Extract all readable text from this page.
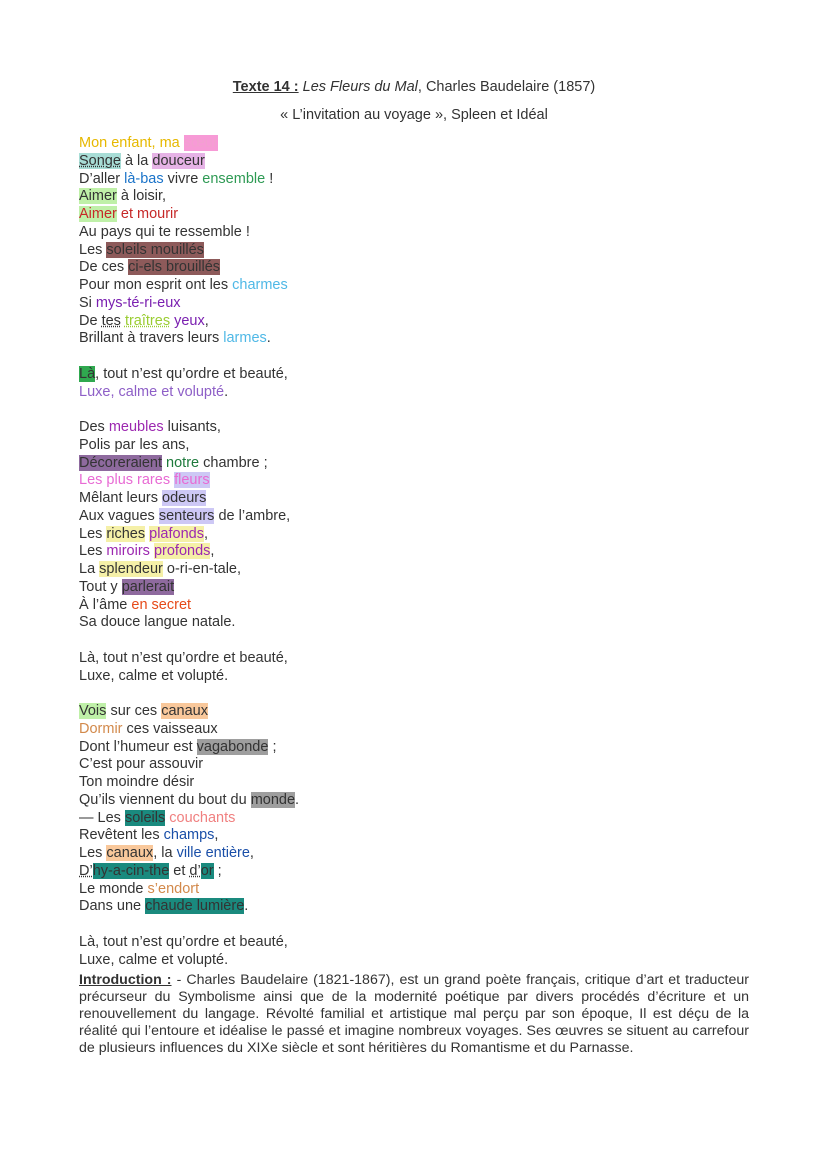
Texte 14 : Les Fleurs du Mal, Charles Baudelaire (1857)
« L’invitation au voyage », Spleen et Idéal
Mon enfant, ma sœur
Songe à la douceur
D’aller là-bas vivre ensemble !
Aimer à loisir,
Aimer et mourir
Au pays qui te ressemble !
Les soleils mouillés
De ces ci-els brouillés
Pour mon esprit ont les charmes
Si mys-té-ri-eux
De tes traîtres yeux,
Brillant à travers leurs larmes.
Là, tout n’est qu’ordre et beauté,
Luxe, calme et volupté.
Des meubles luisants,
Polis par les ans,
Décoreraient notre chambre ;
Les plus rares fleurs
Mêlant leurs odeurs
Aux vagues senteurs de l’ambre,
Les riches plafonds,
Les miroirs profonds,
La splendeur o-ri-en-tale,
Tout y parlerait
À l’âme en secret
Sa douce langue natale.
Là, tout n’est qu’ordre et beauté,
Luxe, calme et volupté.
Vois sur ces canaux
Dormir ces vaisseaux
Dont l’humeur est vagabonde ;
C’est pour assouvir
Ton moindre désir
Qu’ils viennent du bout du monde.
— Les soleils couchants
Revêtent les champs,
Les canaux, la ville entière,
D’hy-a-cin-the et d’or ;
Le monde s’endort
Dans une chaude lumière.
Là, tout n’est qu’ordre et beauté,
Luxe, calme et volupté.
Introduction : - Charles Baudelaire (1821-1867), est un grand poète français, critique d’art et traducteur précurseur du Symbolisme ainsi que de la modernité poétique par divers procédés d’écriture et un renouvellement du langage. Révolté familial et artistique mal perçu par son époque, Il est déçu de la réalité qui l’entoure et idéalise le passé et imagine nombreux voyages. Ses œuvres se situent au carrefour de plusieurs influences du XIXe siècle et sont héritières du Romantisme et du Parnasse.
